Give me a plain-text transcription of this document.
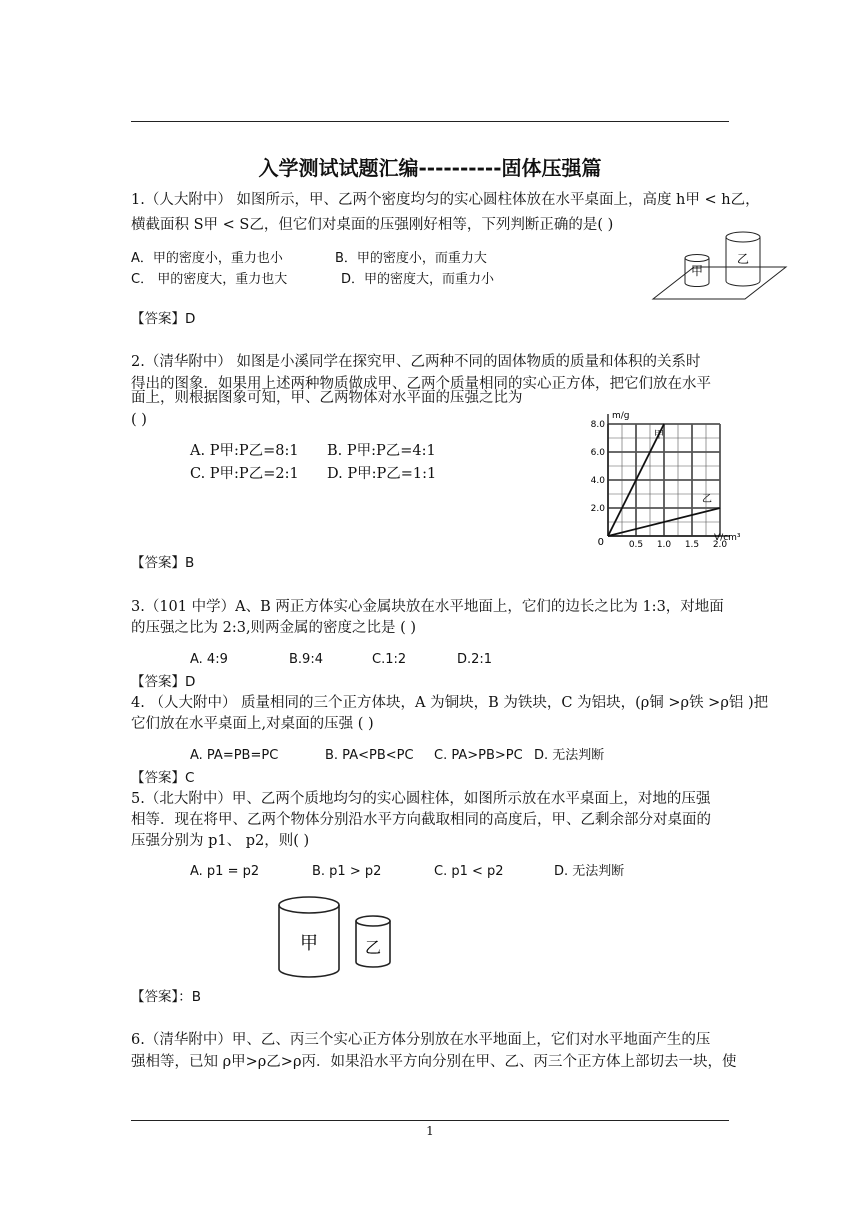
入学测试试题汇编----------固体压强篇
1.（人大附中） 如图所示，甲、乙两个密度均匀的实心圆柱体放在水平桌面上，高度 h甲 < h乙，
横截面积 S甲 < S乙，但它们对桌面的压强刚好相等，下列判断正确的是( )
A．甲的密度小，重力也小	B．甲的密度小，而重力大
C． 甲的密度大，重力也大	D．甲的密度大，而重力小
【答案】D
甲
乙
2.（清华附中） 如图是小溪同学在探究甲、乙两种不同的固体物质的质量和体积的关系时
得出的图象．如果用上述两种物质做成甲、乙两个质量相同的实心正方体，把它们放在水平
面上，则根据图象可知，甲、乙两物体对水平面的压强之比为
( )
A. P甲:P乙=8:1 B. P甲:P乙=4:1
C. P甲:P乙=2:1 D. P甲:P乙=1:1
【答案】B
0.5 1.0 1.5 2.0
2.0
4.0
6.0
8.0
0
m/g
V/cm³
甲
乙
3.（101 中学）A、B 两正方体实心金属块放在水平地面上，它们的边长之比为 1:3，对地面
的压强之比为 2:3,则两金属的密度之比是 ( )
A. 4:9	B.9:4	C.1:2	D.2:1
【答案】D
4. （人大附中） 质量相同的三个正方体块，A 为铜块，B 为铁块，C 为铝块，(ρ铜 >ρ铁 >ρ铝 )把
它们放在水平桌面上,对桌面的压强 ( )
A. PA=PB=PC	B. PA<PB<PC C. PA>PB>PC D. 无法判断
【答案】C
5.（北大附中）甲、乙两个质地均匀的实心圆柱体，如图所示放在水平桌面上，对地的压强
相等．现在将甲、乙两个物体分别沿水平方向截取相同的高度后，甲、乙剩余部分对桌面的
压强分别为 p1、 p2，则( )
A. p1 = p2	B. p1 > p2	C. p1 < p2	D. 无法判断
甲	乙
【答案】：B
6.（清华附中）甲、乙、丙三个实心正方体分别放在水平地面上，它们对水平地面产生的压
强相等，已知 ρ甲>ρ乙>ρ丙．如果沿水平方向分别在甲、乙、丙三个正方体上部切去一块，使
1
